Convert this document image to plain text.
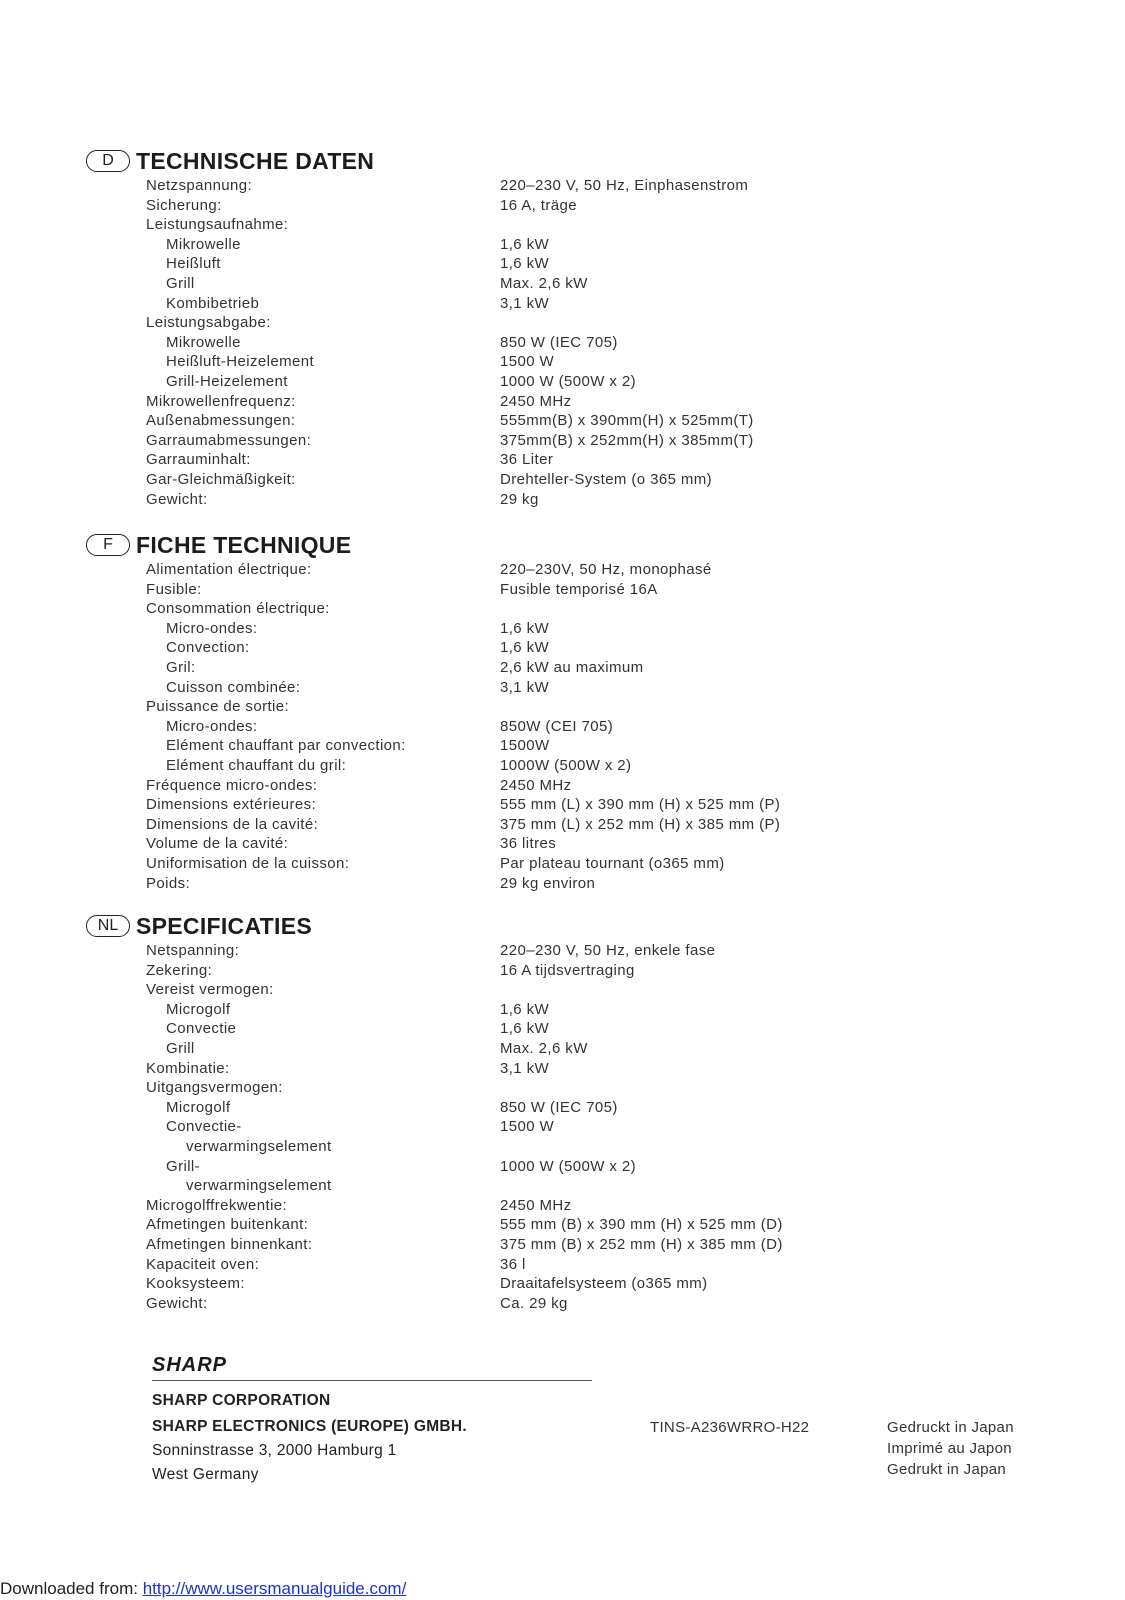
D TECHNISCHE DATEN
Netzspannung:	220–230 V, 50 Hz, Einphasenstrom
Sicherung:	16 A, träge
Leistungsaufnahme:
Mikrowelle	1,6 kW
Heißluft	1,6 kW
Grill	Max. 2,6 kW
Kombibetrieb	3,1 kW
Leistungsabgabe:
Mikrowelle	850 W (IEC 705)
Heißluft-Heizelement	1500 W
Grill-Heizelement	1000 W (500W x 2)
Mikrowellenfrequenz:	2450 MHz
Außenabmessungen:	555mm(B) x 390mm(H) x 525mm(T)
Garraumabmessungen:	375mm(B) x 252mm(H) x 385mm(T)
Garrauminhalt:	36 Liter
Gar-Gleichmäßigkeit:	Drehteller-System (o 365 mm)
Gewicht:	29 kg
F	FICHE TECHNIQUE
Alimentation électrique:	220–230V, 50 Hz, monophasé
Fusible:	Fusible temporisé 16A
Consommation électrique:
Micro-ondes:	1,6 kW
Convection:	1,6 kW
Gril:	2,6 kW au maximum
Cuisson combinée:	3,1 kW
Puissance de sortie:
Micro-ondes:	850W (CEI 705)
Elément chauffant par convection:	1500W
Elément chauffant du gril:	1000W (500W x 2)
Fréquence micro-ondes:	2450 MHz
Dimensions extérieures:	555 mm (L) x 390 mm (H) x 525 mm (P)
Dimensions de la cavité:	375 mm (L) x 252 mm (H) x 385 mm (P)
Volume de la cavité:	36 litres
Uniformisation de la cuisson:	Par plateau tournant (o365 mm)
Poids:	29 kg environ
NL SPECIFICATIES
Netspanning:	220–230 V, 50 Hz, enkele fase
Zekering:	16 A tijdsvertraging
Vereist vermogen:
Microgolf	1,6 kW
Convectie	1,6 kW
Grill	Max. 2,6 kW
Kombinatie:	3,1 kW
Uitgangsvermogen:
Microgolf	850 W (IEC 705)
Convectie-	1500 W
verwarmingselement
Grill-	1000 W (500W x 2)
verwarmingselement
Microgolffrekwentie:	2450 MHz
Afmetingen buitenkant:	555 mm (B) x 390 mm (H) x 525 mm (D)
Afmetingen binnenkant:	375 mm (B) x 252 mm (H) x 385 mm (D)
Kapaciteit oven:	36 l
Kooksysteem:	Draaitafelsysteem (o365 mm)
Gewicht:	Ca. 29 kg
SHARP
SHARP CORPORATION
SHARP ELECTRONICS (EUROPE) GMBH.
Sonninstrasse 3, 2000 Hamburg 1
West Germany
TINS-A236WRRO-H22	Gedruckt in Japan
Imprimé au Japon
Gedrukt in Japan
Downloaded from: http://www.usersmanualguide.com/
